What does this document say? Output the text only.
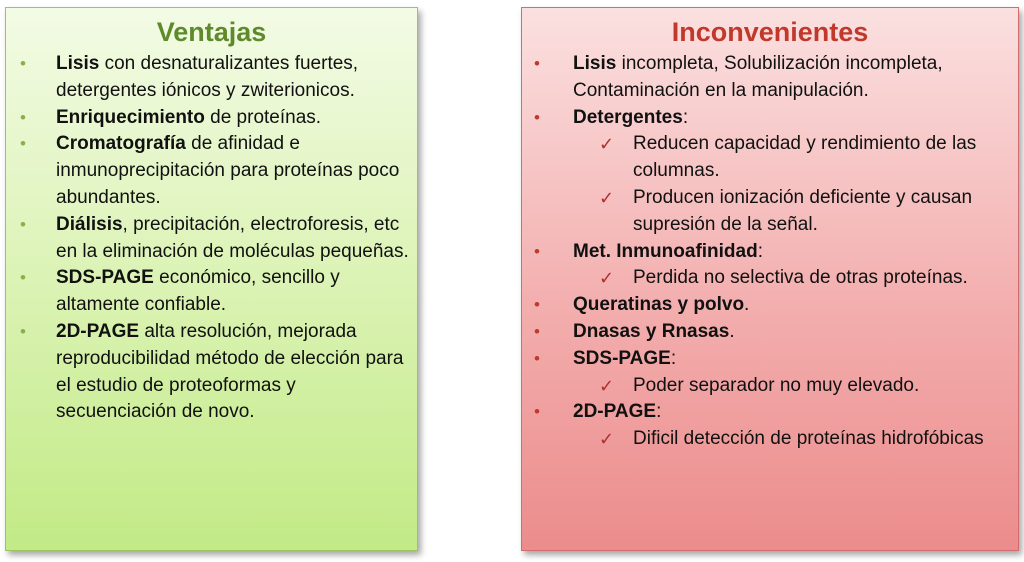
Ventajas
• Lisis con desnaturalizantes fuertes, detergentes iónicos y zwiterionicos.
• Enriquecimiento de proteínas.
• Cromatografía de afinidad e inmunoprecipitación para proteínas poco abundantes.
• Diálisis, precipitación, electroforesis, etc en la eliminación de moléculas pequeñas.
• SDS-PAGE económico, sencillo y altamente confiable.
• 2D-PAGE alta resolución, mejorada reproducibilidad método de elección para el estudio de proteoformas y secuenciación de novo.
Inconvenientes
• Lisis incompleta, Solubilización incompleta, Contaminación en la manipulación.
• Detergentes:
✓ Reducen capacidad y rendimiento de las columnas.
✓ Producen ionización deficiente y causan supresión de la señal.
• Met. Inmunoafinidad:
✓ Perdida no selectiva de otras proteínas.
• Queratinas y polvo.
• Dnasas y Rnasas.
• SDS-PAGE:
✓ Poder separador no muy elevado.
• 2D-PAGE:
✓ Dificil detección de proteínas hidrofóbicas
